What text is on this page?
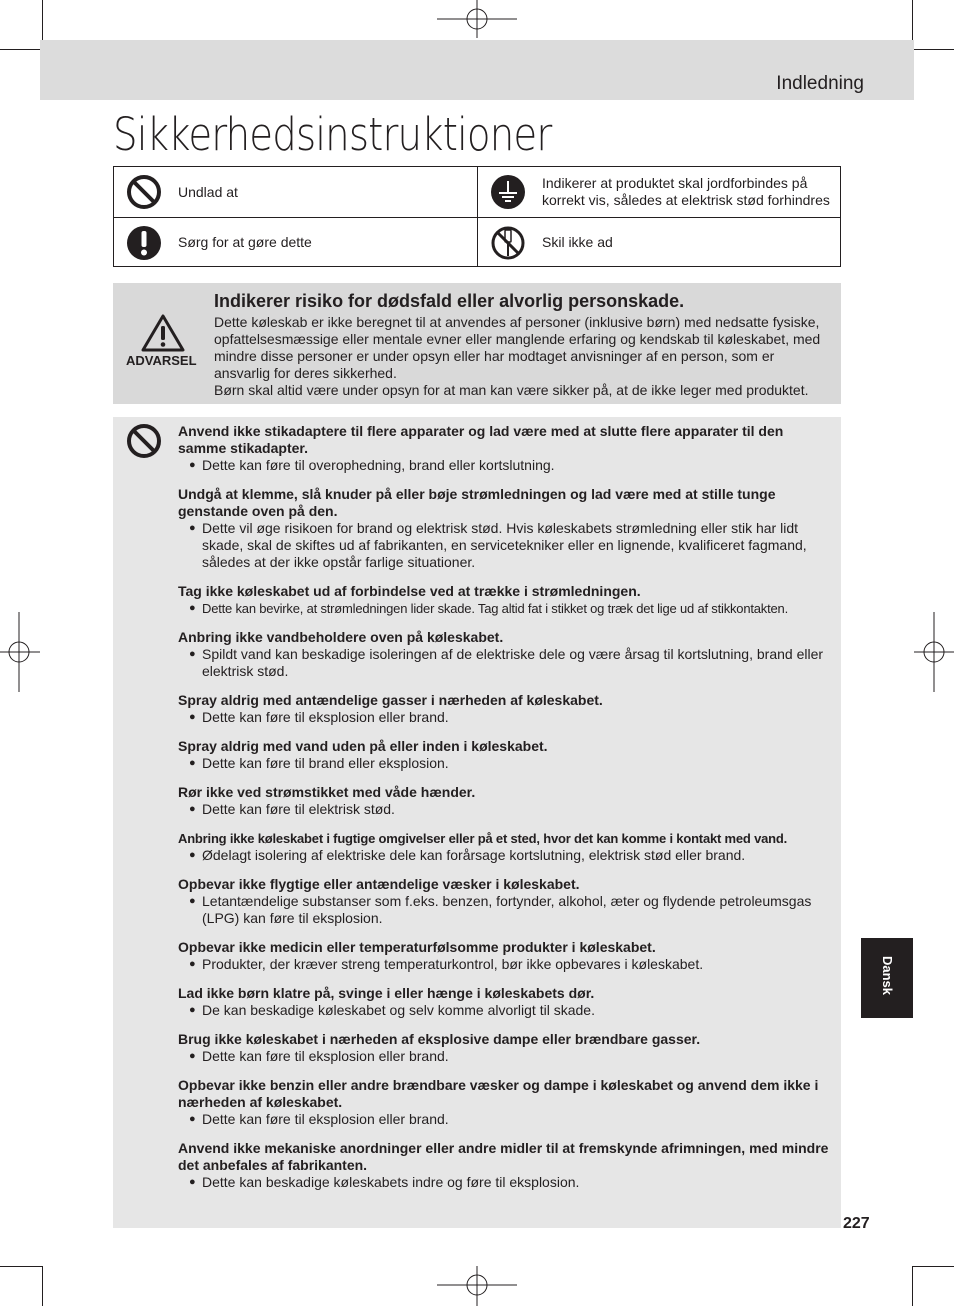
Indledning
Sikkerhedsinstruktioner
Undlad at
Indikerer at produktet skal jordforbindes på korrekt vis, således at elektrisk stød forhindres
Sørg for at gøre dette	Skil ikke ad
ADVARSEL
Indikerer risiko for dødsfald eller alvorlig personskade.

Dette køleskab er ikke beregnet til at anvendes af personer (inklusive børn) med nedsatte fysiske, opfattelsesmæssige eller mentale evner eller manglende erfaring og kendskab til køleskabet, med mindre disse personer er under opsyn eller har modtaget anvisninger af en person, som er ansvarlig for deres sikkerhed.

Børn skal altid være under opsyn for at man kan være sikker på, at de ikke leger med produktet.

Anvend ikke stikadaptere til flere apparater og lad være med at slutte flere apparater til den samme stikadapter.
● Dette kan føre til overophedning, brand eller kortslutning.
Undgå at klemme, slå knuder på eller bøje strømledningen og lad være med at stille tunge genstande oven på den.
● Dette vil øge risikoen for brand og elektrisk stød. Hvis køleskabets strømledning eller stik har lidt skade, skal de skiftes ud af fabrikanten, en servicetekniker eller en lignende, kvalificeret fagmand, således at der ikke opstår farlige situationer.
Tag ikke køleskabet ud af forbindelse ved at trække i strømledningen.
● Dette kan bevirke, at strømledningen lider skade. Tag altid fat i stikket og træk det lige ud af stikkontakten.
Anbring ikke vandbeholdere oven på køleskabet.
● Spildt vand kan beskadige isoleringen af de elektriske dele og være årsag til kortslutning, brand eller elektrisk stød.
Spray aldrig med antændelige gasser i nærheden af køleskabet.
● Dette kan føre til eksplosion eller brand.
Spray aldrig med vand uden på eller inden i køleskabet.
● Dette kan føre til brand eller eksplosion.
Rør ikke ved strømstikket med våde hænder.
● Dette kan føre til elektrisk stød.
Anbring ikke køleskabet i fugtige omgivelser eller på et sted, hvor det kan komme i kontakt med vand.
● Ødelagt isolering af elektriske dele kan forårsage kortslutning, elektrisk stød eller brand.
Opbevar ikke flygtige eller antændelige væsker i køleskabet.
● Letantændelige substanser som f.eks. benzen, fortynder, alkohol, æter og flydende petroleumsgas (LPG) kan føre til eksplosion.
Opbevar ikke medicin eller temperaturfølsomme produkter i køleskabet.
● Produkter, der kræver streng temperaturkontrol, bør ikke opbevares i køleskabet.
Lad ikke børn klatre på, svinge i eller hænge i køleskabets dør.
● De kan beskadige køleskabet og selv komme alvorligt til skade.
Brug ikke køleskabet i nærheden af eksplosive dampe eller brændbare gasser.
● Dette kan føre til eksplosion eller brand.
Opbevar ikke benzin eller andre brændbare væsker og dampe i køleskabet og anvend dem ikke i nærheden af køleskabet.
● Dette kan føre til eksplosion eller brand.
Anvend ikke mekaniske anordninger eller andre midler til at fremskynde afrimningen, med mindre det anbefales af fabrikanten.
● Dette kan beskadige køleskabets indre og føre til eksplosion.
Dansk
227
